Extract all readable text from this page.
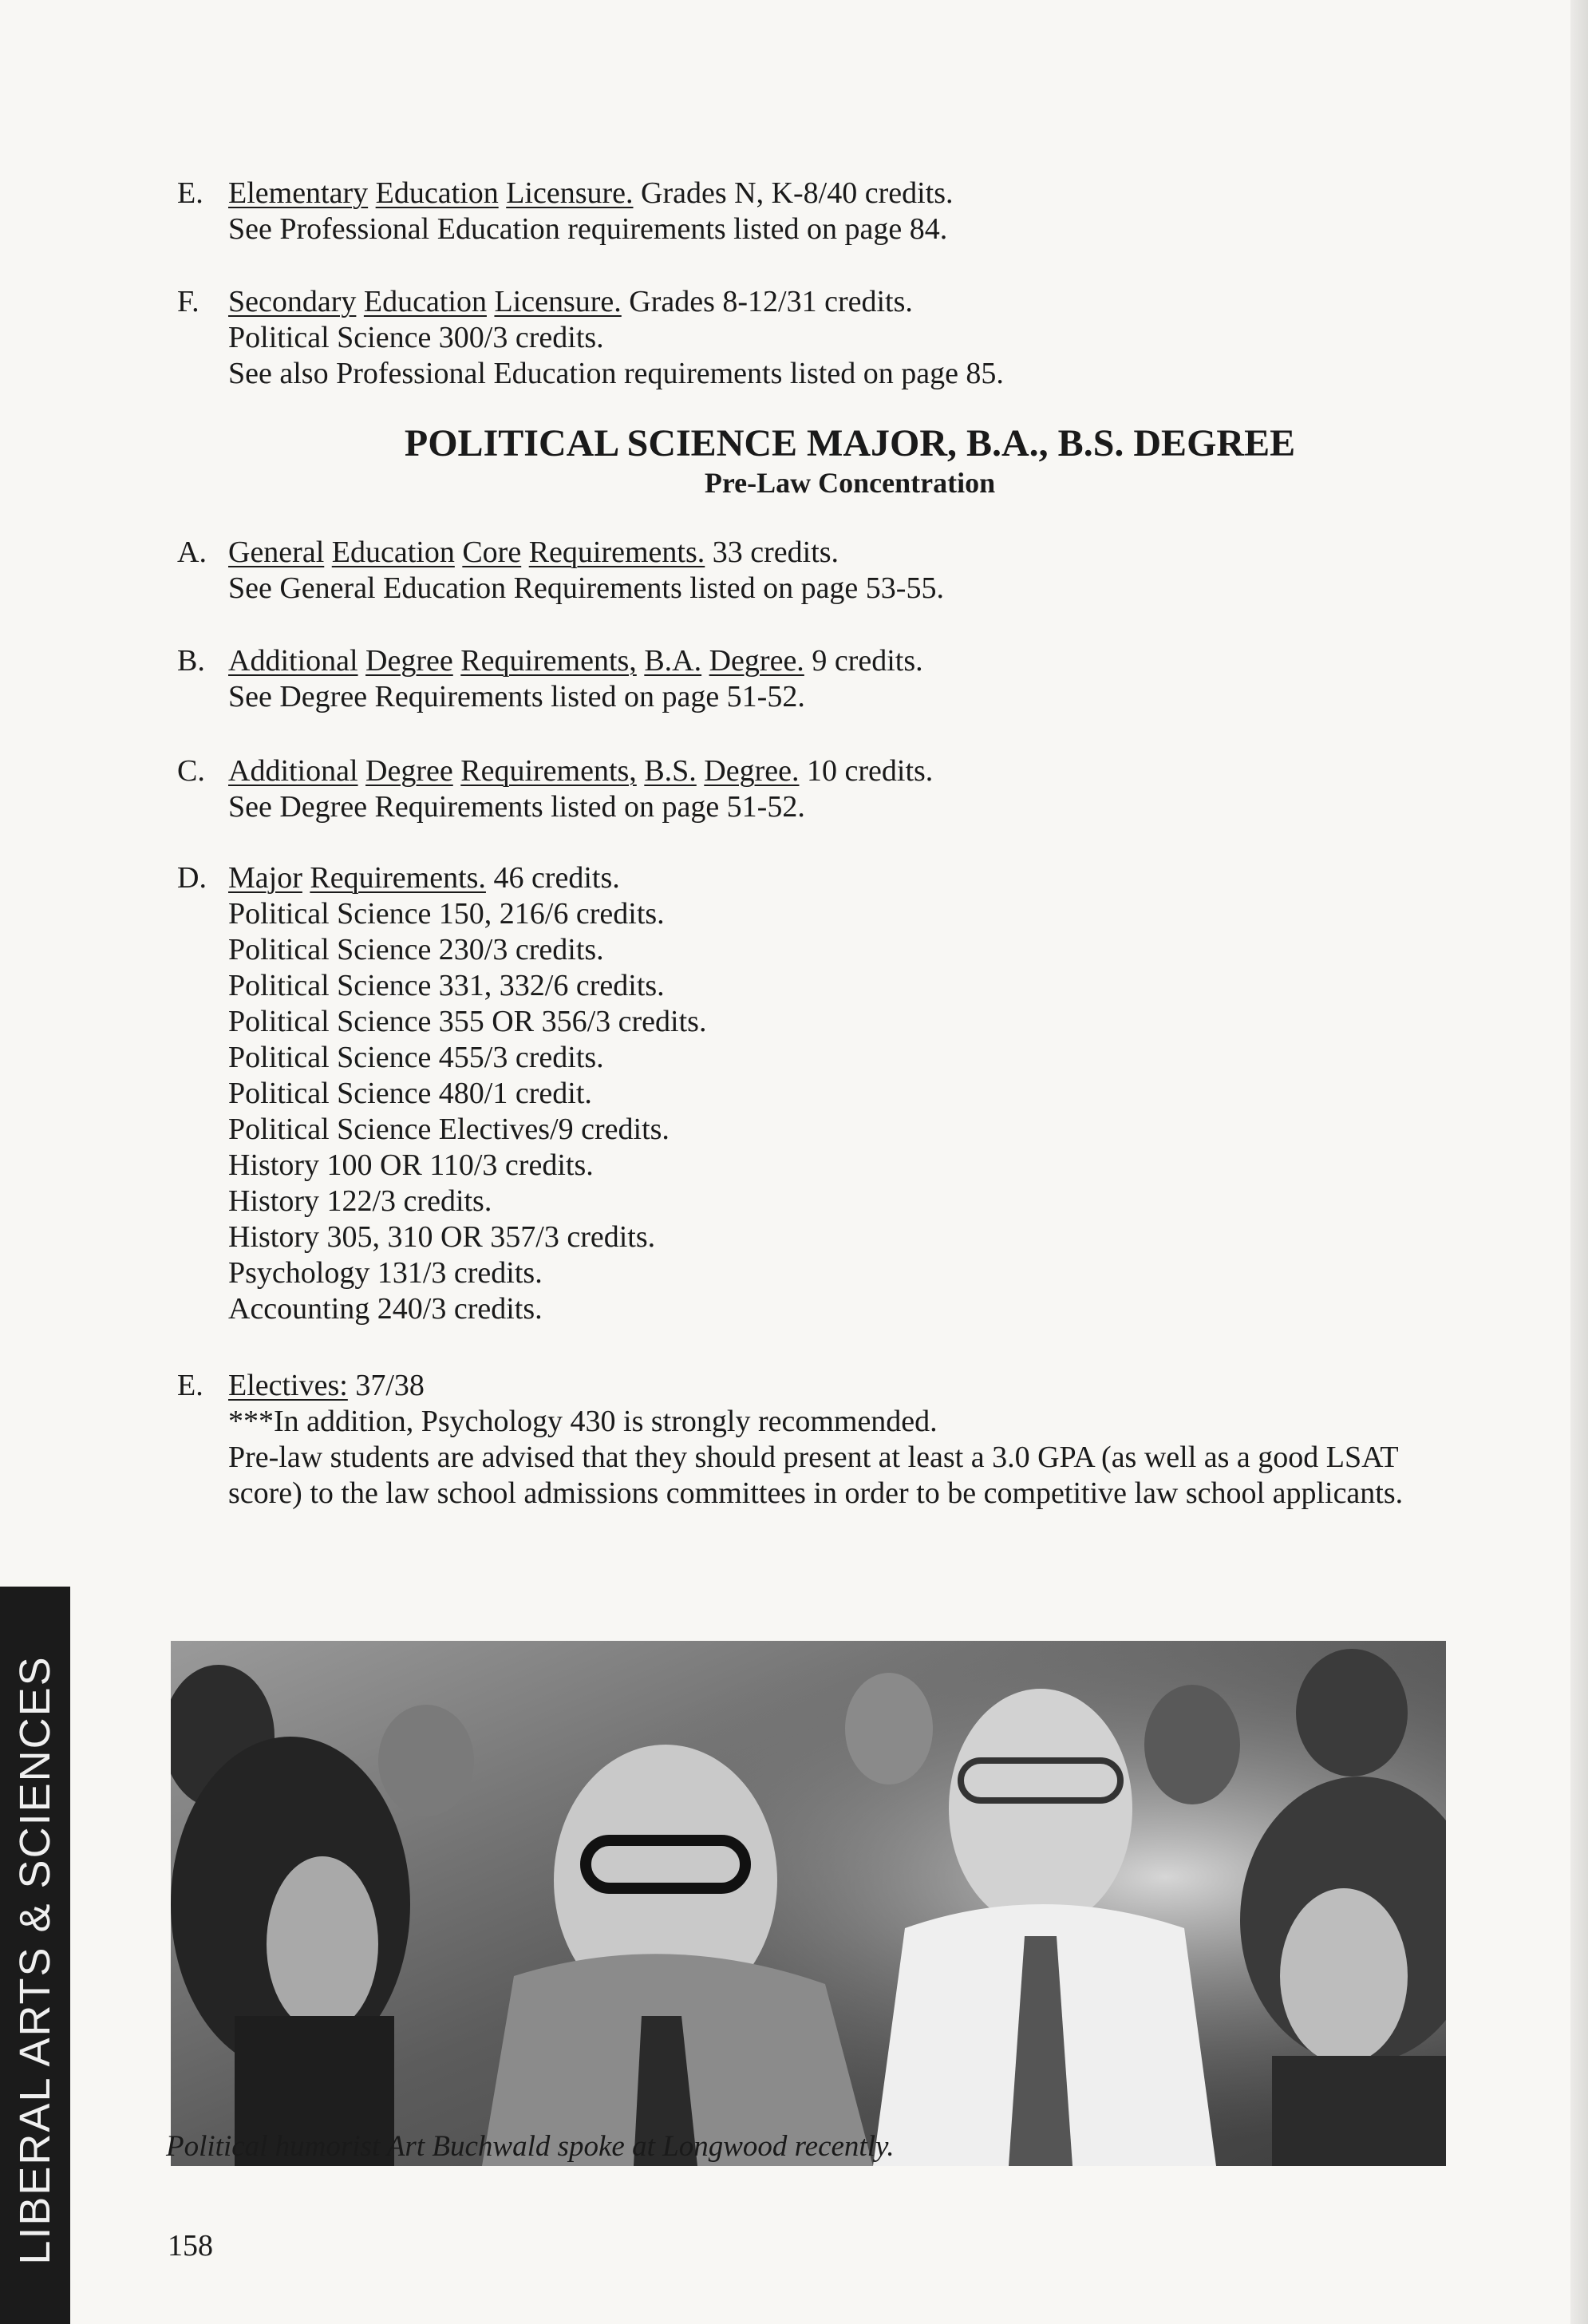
E. Elementary Education Licensure. Grades N, K-8/40 credits.
See Professional Education requirements listed on page 84.
F. Secondary Education Licensure. Grades 8-12/31 credits.
Political Science 300/3 credits.
See also Professional Education requirements listed on page 85.
POLITICAL SCIENCE MAJOR, B.A., B.S. DEGREE
Pre-Law Concentration
A. General Education Core Requirements. 33 credits.
See General Education Requirements listed on page 53-55.
B. Additional Degree Requirements, B.A. Degree. 9 credits.
See Degree Requirements listed on page 51-52.
C. Additional Degree Requirements, B.S. Degree. 10 credits.
See Degree Requirements listed on page 51-52.
D. Major Requirements. 46 credits.
Political Science 150, 216/6 credits.
Political Science 230/3 credits.
Political Science 331, 332/6 credits.
Political Science 355 OR 356/3 credits.
Political Science 455/3 credits.
Political Science 480/1 credit.
Political Science Electives/9 credits.
History 100 OR 110/3 credits.
History 122/3 credits.
History 305, 310 OR 357/3 credits.
Psychology 131/3 credits.
Accounting 240/3 credits.
E. Electives: 37/38
***In addition, Psychology 430 is strongly recommended.
Pre-law students are advised that they should present at least a 3.0 GPA (as well as a good LSAT score) to the law school admissions committees in order to be competitive law school applicants.
Political humorist Art Buchwald spoke at Longwood recently.
LIBERAL ARTS & SCIENCES	158
